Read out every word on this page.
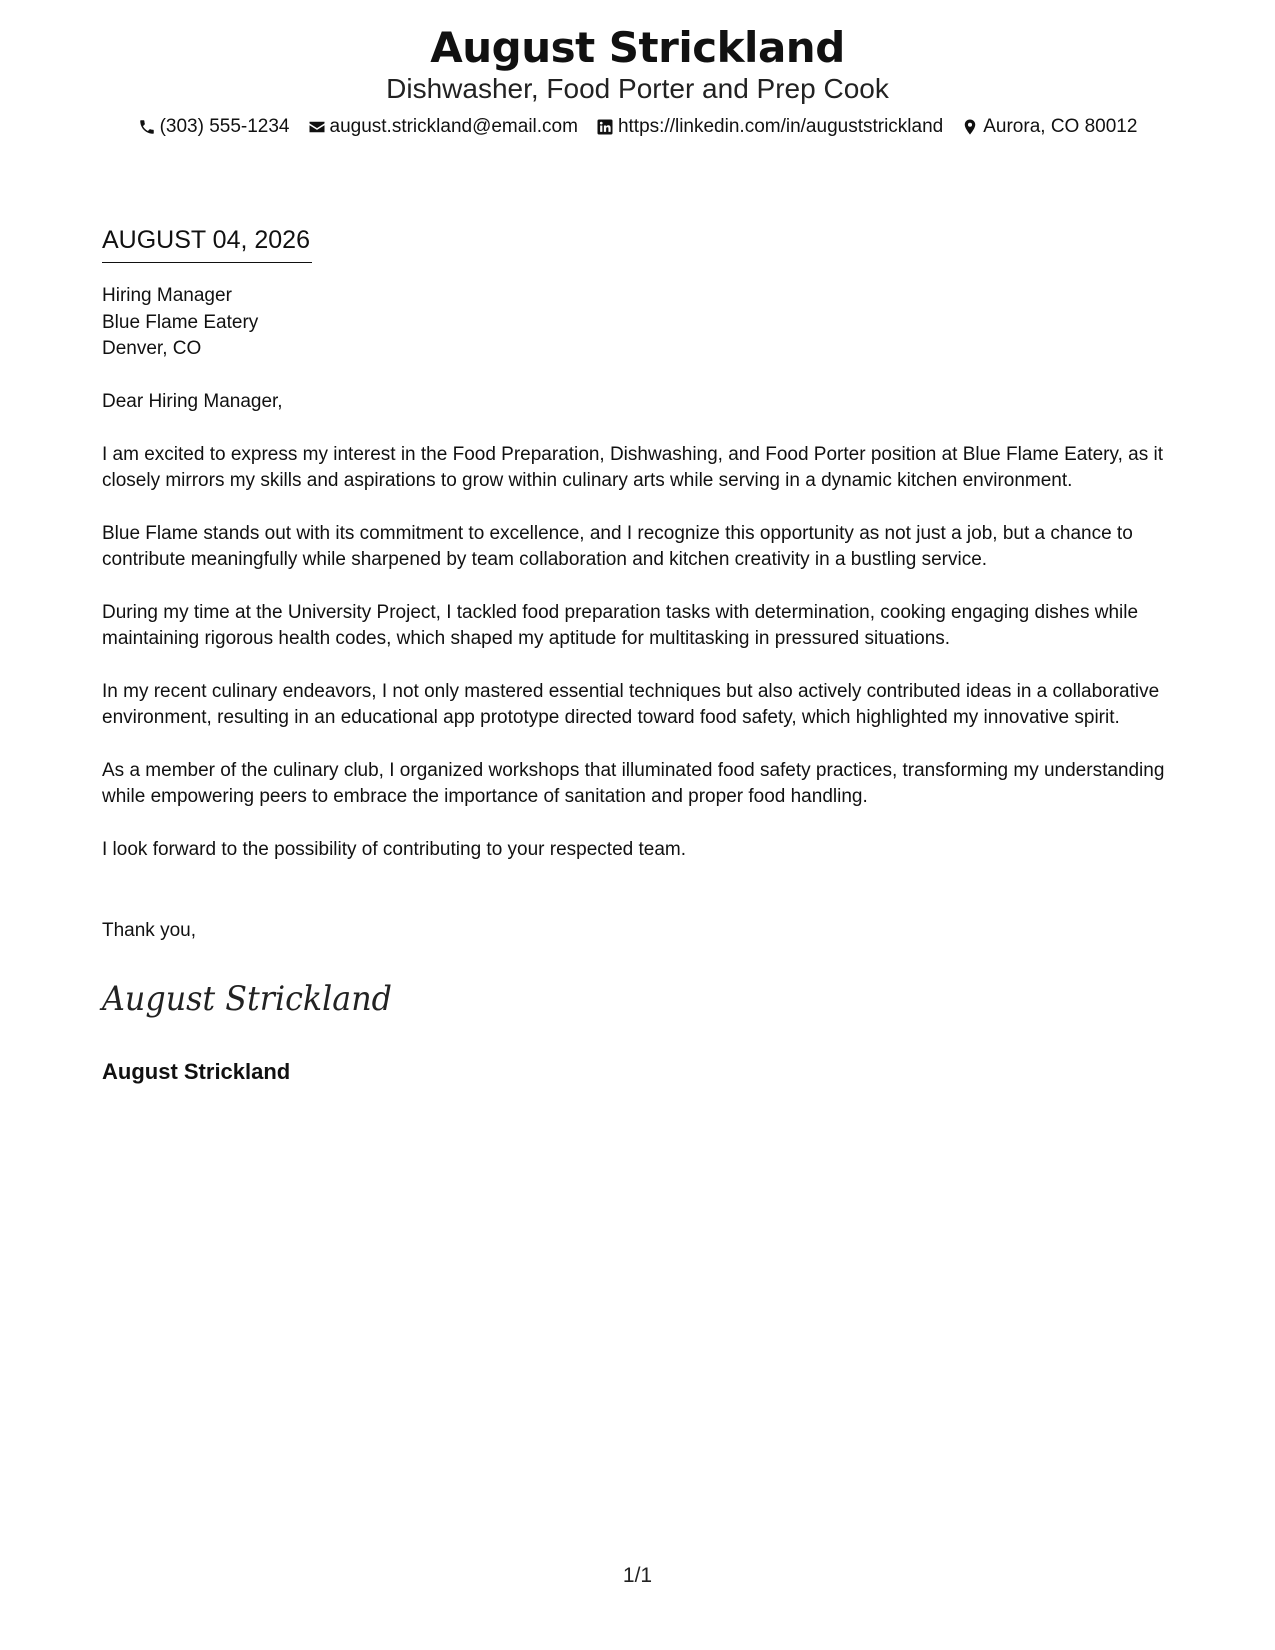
August Strickland
Dishwasher, Food Porter and Prep Cook
(303) 555-1234 august.strickland@email.com https://linkedin.com/in/auguststrickland Aurora, CO 80012
AUGUST 04, 2026
Hiring Manager
Blue Flame Eatery
Denver, CO

Dear Hiring Manager,

I am excited to express my interest in the Food Preparation, Dishwashing, and Food Porter position at Blue Flame Eatery, as it closely mirrors my skills and aspirations to grow within culinary arts while serving in a dynamic kitchen environment.

Blue Flame stands out with its commitment to excellence, and I recognize this opportunity as not just a job, but a chance to contribute meaningfully while sharpened by team collaboration and kitchen creativity in a bustling service.

During my time at the University Project, I tackled food preparation tasks with determination, cooking engaging dishes while maintaining rigorous health codes, which shaped my aptitude for multitasking in pressured situations.

In my recent culinary endeavors, I not only mastered essential techniques but also actively contributed ideas in a collaborative environment, resulting in an educational app prototype directed toward food safety, which highlighted my innovative spirit.

As a member of the culinary club, I organized workshops that illuminated food safety practices, transforming my understanding while empowering peers to embrace the importance of sanitation and proper food handling.

I look forward to the possibility of contributing to your respected team.

Thank you,
August Strickland
August Strickland
1/1
